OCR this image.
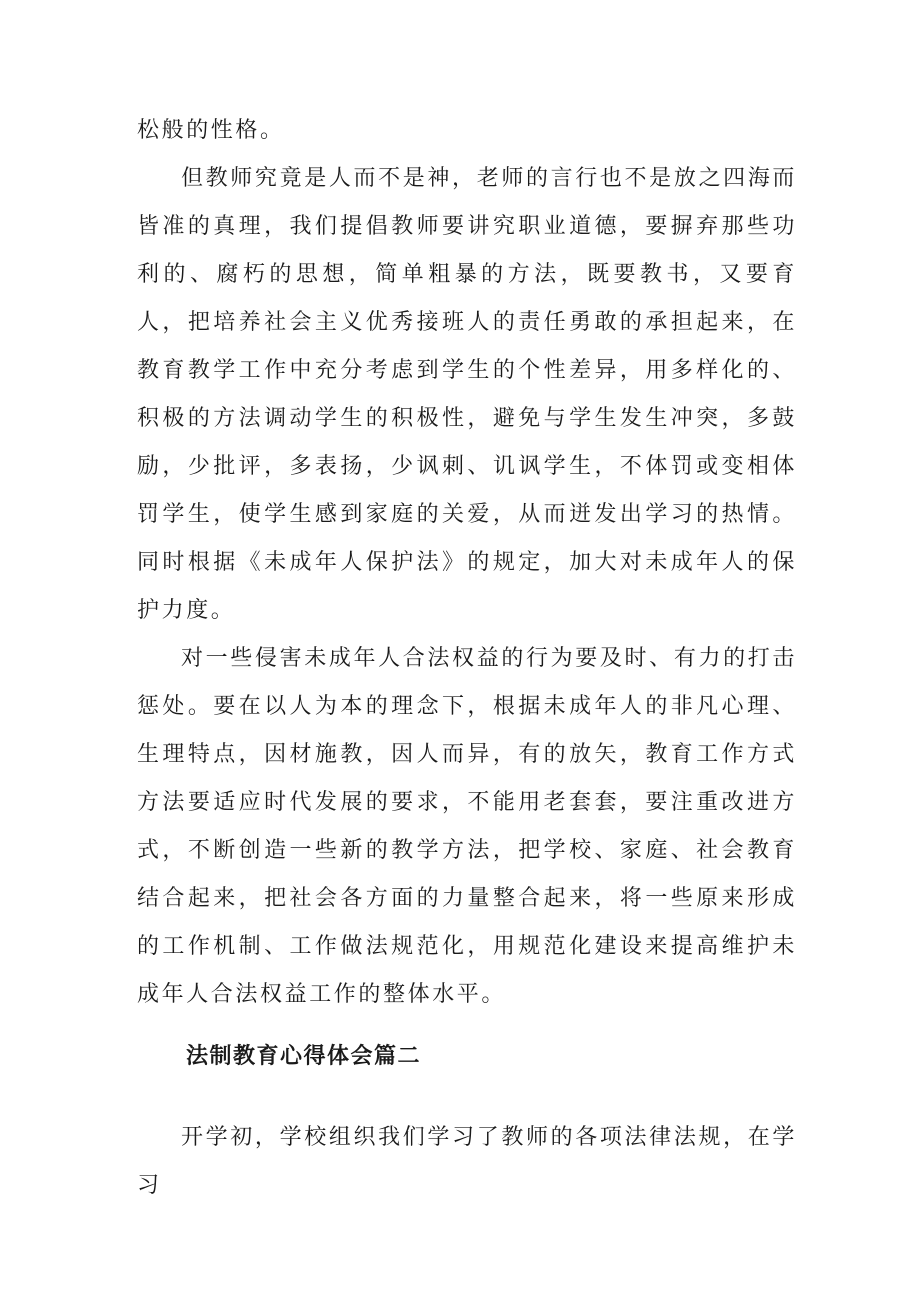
松般的性格。

但教师究竟是人而不是神，老师的言行也不是放之四海而皆准的真理，我们提倡教师要讲究职业道德，要摒弃那些功利的、腐朽的思想，简单粗暴的方法，既要教书，又要育人，把培养社会主义优秀接班人的责任勇敢的承担起来，在教育教学工作中充分考虑到学生的个性差异，用多样化的、积极的方法调动学生的积极性，避免与学生发生冲突，多鼓励，少批评，多表扬，少讽刺、讥讽学生，不体罚或变相体罚学生，使学生感到家庭的关爱，从而迸发出学习的热情。同时根据《未成年人保护法》的规定，加大对未成年人的保护力度。

对一些侵害未成年人合法权益的行为要及时、有力的打击惩处。要在以人为本的理念下，根据未成年人的非凡心理、生理特点，因材施教，因人而异，有的放矢，教育工作方式方法要适应时代发展的要求，不能用老套套，要注重改进方式，不断创造一些新的教学方法，把学校、家庭、社会教育结合起来，把社会各方面的力量整合起来，将一些原来形成的工作机制、工作做法规范化，用规范化建设来提高维护未成年人合法权益工作的整体水平。

法制教育心得体会篇二

开学初，学校组织我们学习了教师的各项法律法规，在学习
